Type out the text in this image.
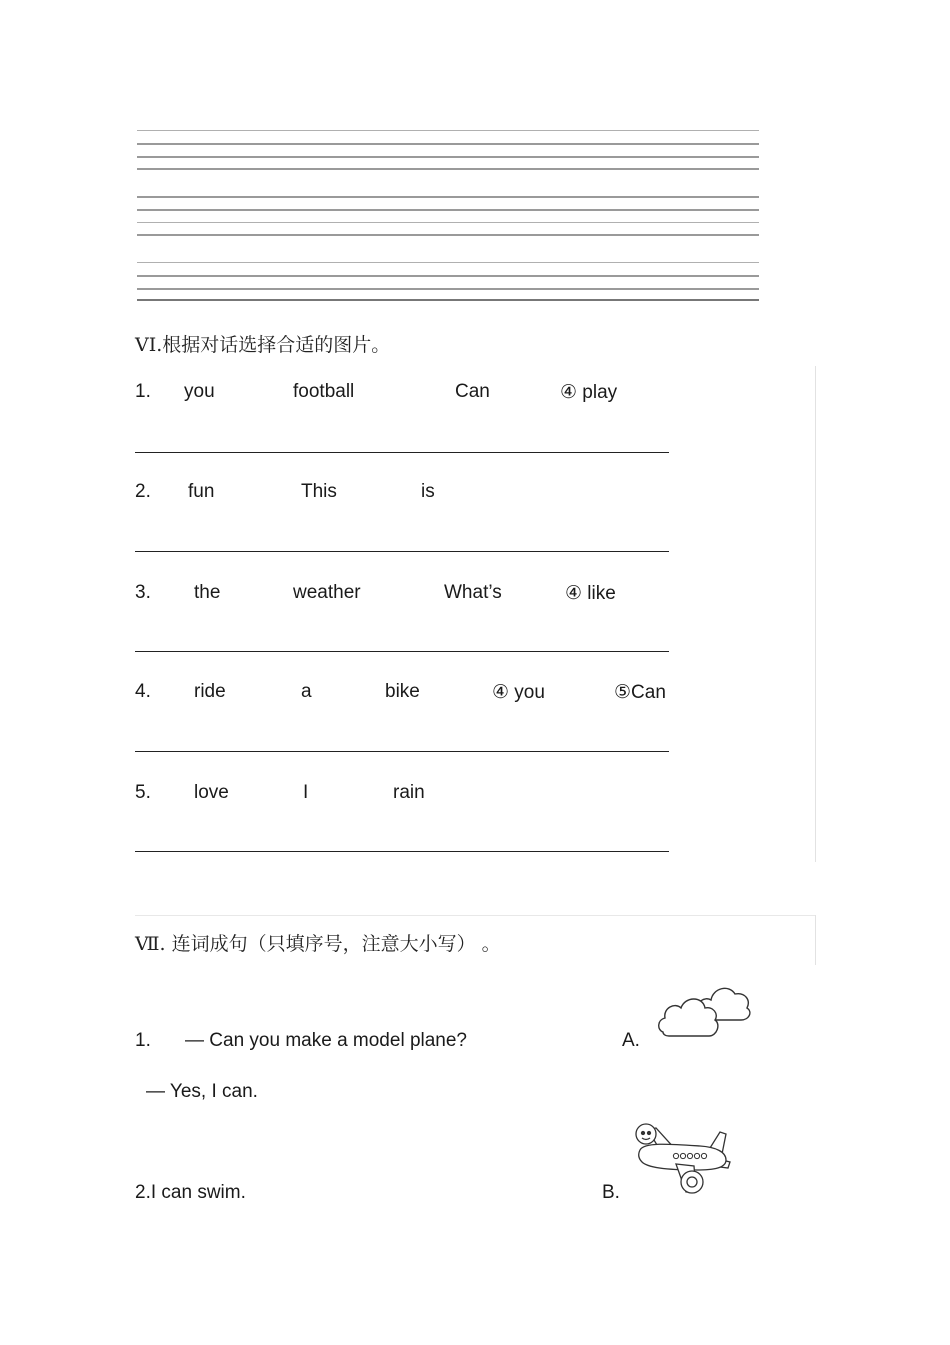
VI.根据对话选择合适的图片。
1. you	football	Can	④ play
2. fun	This	is
3. the	weather	What’s	④ like
4. ride	a	bike	④ you	⑤Can
5. love	I	rain
Ⅶ. 连词成句（只填序号，注意大小写） 。
1. — Can you make a model plane?
— Yes, I can.
A.
2.I can swim.	B.
